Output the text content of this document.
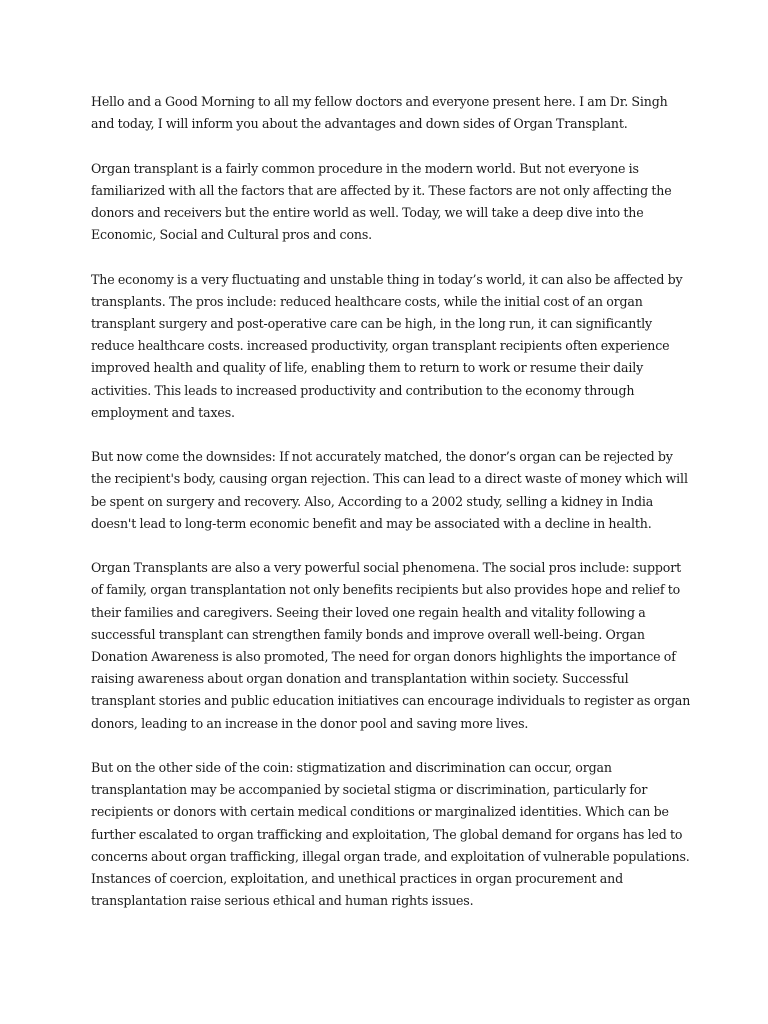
Hello and a Good Morning to all my fellow doctors and everyone present here. I am Dr. Singh and today, I will inform you about the advantages and down sides of Organ Transplant.

Organ transplant is a fairly common procedure in the modern world. But not everyone is familiarized with all the factors that are affected by it. These factors are not only affecting the donors and receivers but the entire world as well. Today, we will take a deep dive into the Economic, Social and Cultural pros and cons.

The economy is a very fluctuating and unstable thing in today’s world, it can also be affected by transplants. The pros include: reduced healthcare costs, while the initial cost of an organ transplant surgery and post-operative care can be high, in the long run, it can significantly reduce healthcare costs. increased productivity, organ transplant recipients often experience improved health and quality of life, enabling them to return to work or resume their daily activities. This leads to increased productivity and contribution to the economy through employment and taxes.

But now come the downsides: If not accurately matched, the donor’s organ can be rejected by the recipient's body, causing organ rejection. This can lead to a direct waste of money which will be spent on surgery and recovery. Also, According to a 2002 study, selling a kidney in India doesn't lead to long-term economic benefit and may be associated with a decline in health.

Organ Transplants are also a very powerful social phenomena. The social pros include: support of family, organ transplantation not only benefits recipients but also provides hope and relief to their families and caregivers. Seeing their loved one regain health and vitality following a successful transplant can strengthen family bonds and improve overall well-being. Organ Donation Awareness is also promoted, The need for organ donors highlights the importance of raising awareness about organ donation and transplantation within society. Successful transplant stories and public education initiatives can encourage individuals to register as organ donors, leading to an increase in the donor pool and saving more lives.

But on the other side of the coin: stigmatization and discrimination can occur, organ transplantation may be accompanied by societal stigma or discrimination, particularly for recipients or donors with certain medical conditions or marginalized identities. Which can be further escalated to organ trafficking and exploitation, The global demand for organs has led to concerns about organ trafficking, illegal organ trade, and exploitation of vulnerable populations. Instances of coercion, exploitation, and unethical practices in organ procurement and transplantation raise serious ethical and human rights issues.
